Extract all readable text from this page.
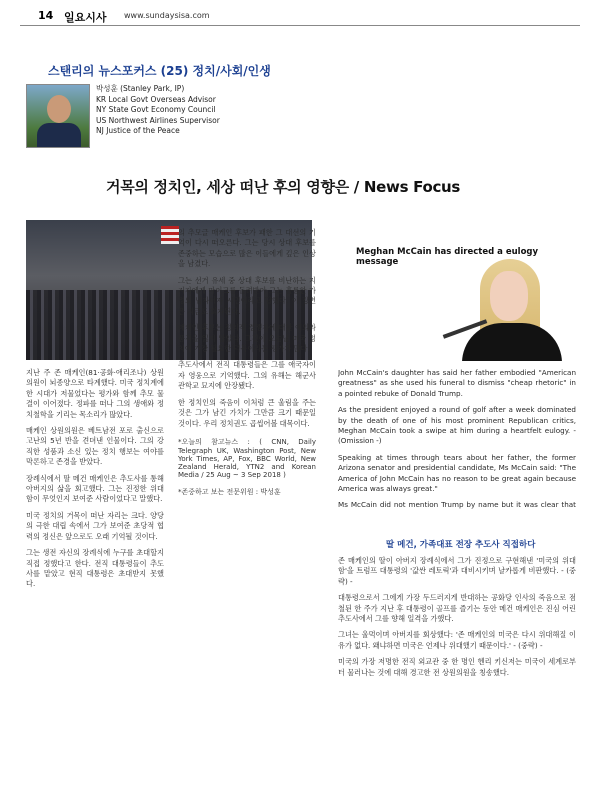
14 일요시사 www.sundaysisa.com
스탠리의 뉴스포커스 (25) 정치/사회/인생
박성훈 (Stanley Park, IP)
KR Local Govt Overseas Advisor
NY State Govt Economy Council
US Northwest Airlines Supervisor
NJ Justice of the Peace
거목의 정치인, 세상 떠난 후의 영향은 / News Focus
Meghan McCain has directed a eulogy message

지난 주 존 매케인(81·공화·애리조나) 상원의원이 뇌종양으로 타계했다. 미국 정치계에 한 시대가 저물었다는 평가와 함께 추모 물결이 이어졌다. 정파를 떠나 그의 생애와 정치철학을 기리는 목소리가 많았다.

매케인 상원의원은 베트남전 포로 출신으로 고난의 5년 반을 견뎌낸 인물이다. 그의 강직한 성품과 소신 있는 정치 행보는 여야를 막론하고 존경을 받았다.

장례식에서 딸 메건 매케인은 추도사를 통해 아버지의 삶을 회고했다. 그는 진정한 위대함이 무엇인지 보여준 사람이었다고 말했다.

미국 정치의 거목이 떠난 자리는 크다. 양당의 극한 대립 속에서 그가 보여준 초당적 협력의 정신은 앞으로도 오래 기억될 것이다.

그는 생전 자신의 장례식에 누구를 초대할지 직접 정했다고 한다. 전직 대통령들이 추도사를 맡았고 현직 대통령은 초대받지 못했다.

의 추모글 매케인 후보가 패한 그 대선의 기억이 다시 떠오른다. 그는 당시 상대 후보를 존중하는 모습으로 많은 이들에게 깊은 인상을 남겼다.

그는 선거 유세 중 상대 후보를 비난하는 지지자에게 마이크를 돌려받아 그는 훌륭한 가정의 남자이자 시민이라고 답했다. 이 장면은 지금도 회자된다.

매케인 후보는 정치적 경쟁자에 대한 예의와 품격을 잃지 않았다. 그것이 오늘날 미국 정치에 가장 필요한 덕목이라는 평가가 많다.

추도사에서 전직 대통령들은 그를 애국자이자 영웅으로 기억했다. 그의 유해는 해군사관학교 묘지에 안장됐다.

한 정치인의 죽음이 이처럼 큰 울림을 주는 것은 그가 남긴 가치가 그만큼 크기 때문일 것이다. 우리 정치권도 곱씹어볼 대목이다.

*오늘의 참고뉴스 : ( CNN, Daily Telegraph UK, Washington Post, New York Times, AP, Fox, BBC World, New Zealand Herald, YTN2 and Korean Media / 25 Aug ~ 3 Sep 2018 )

*존중하고 보는 전문위원 : 박성훈

John McCain's daughter has said her father embodied "American greatness" as she used his funeral to dismiss "cheap rhetoric" in a pointed rebuke of Donald Trump.

As the president enjoyed a round of golf after a week dominated by the death of one of his most prominent Republican critics, Meghan McCain took a swipe at him during a heartfelt eulogy. - (Omission -)

Speaking at times through tears about her father, the former Arizona senator and presidential candidate, Ms McCain said: "The America of John McCain has no reason to be great again because America was always great."

Ms McCain did not mention Trump by name but it was clear that

딸 메건, 가족대표 전장 추도사 직접하다

존 매케인의 딸이 아버지 장례식에서 그가 진정으로 구현해낸 '미국의 위대함'을 트럼프 대통령의 '값싼 레토릭'과 대비시키며 날카롭게 비판했다. - (중략) -

대통령으로서 그에게 가장 두드러지게 반대하는 공화당 인사의 죽음으로 점철된 한 주가 지난 후 대통령이 골프를 즐기는 동안 메건 매케인은 진심 어린 추도사에서 그를 향해 일격을 가했다.

그녀는 울먹이며 아버지를 회상했다: '존 매케인의 미국은 다시 위대해질 이유가 없다. 왜냐하면 미국은 언제나 위대했기 때문이다.' - (중략) -

미국의 가장 저명한 전직 외교관 중 한 명인 헨리 키신저는 미국이 세계로부터 물러나는 것에 대해 경고한 전 상원의원을 칭송했다.
